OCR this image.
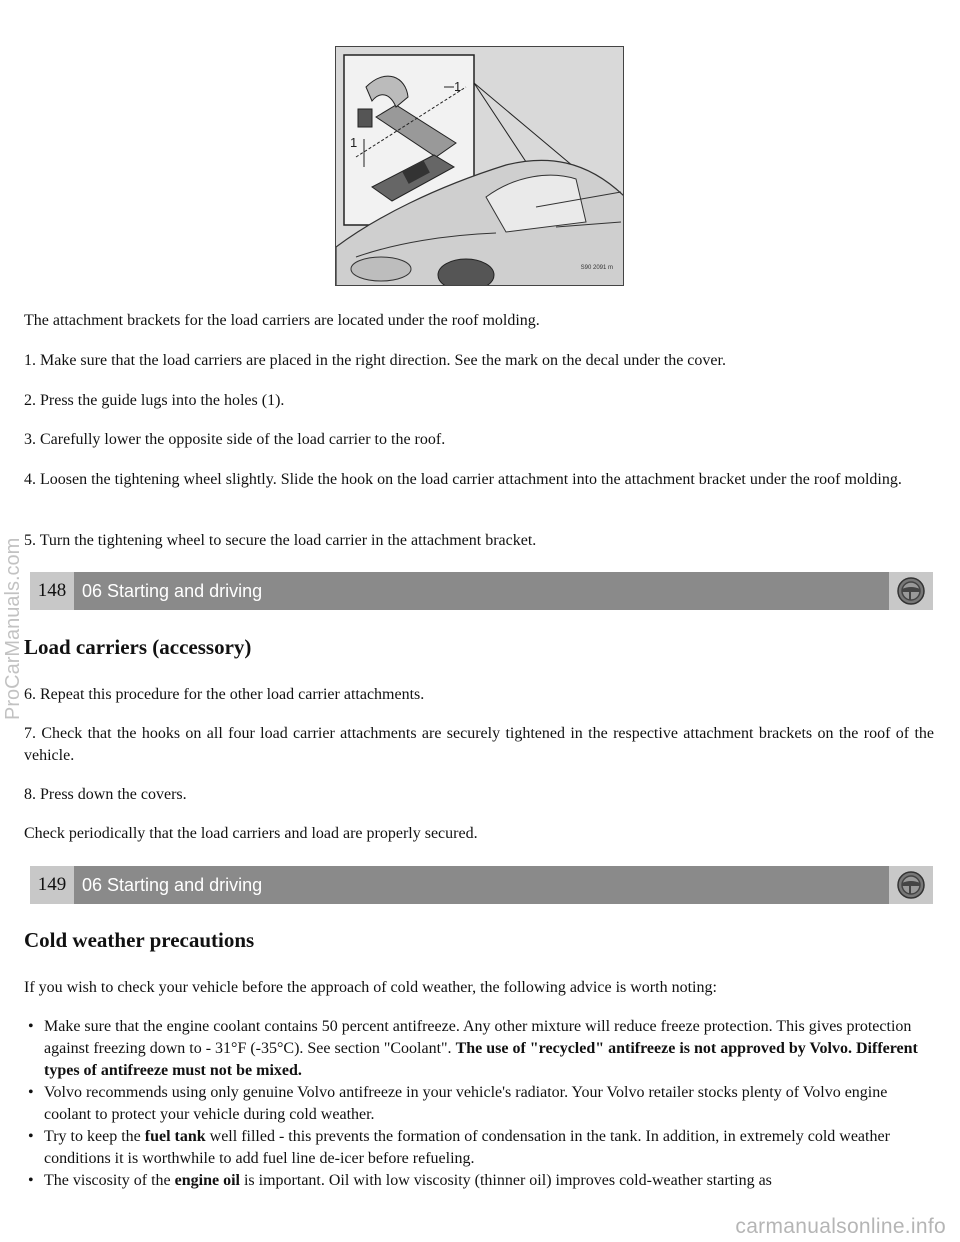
1
1
S90 2091 m

The attachment brackets for the load carriers are located under the roof molding.

1. Make sure that the load carriers are placed in the right direction. See the mark on the decal under the cover.

2. Press the guide lugs into the holes (1).

3. Carefully lower the opposite side of the load carrier to the roof.

4. Loosen the tightening wheel slightly. Slide the hook on the load carrier attachment into the attachment bracket under the roof molding.

5. Turn the tightening wheel to secure the load carrier in the attachment bracket.

Load carriers (accessory)

6. Repeat this procedure for the other load carrier attachments.

7. Check that the hooks on all four load carrier attachments are securely tightened in the respective attachment brackets on the roof of the vehicle.

8. Press down the covers.

Check periodically that the load carriers and load are properly secured.

Cold weather precautions

If you wish to check your vehicle before the approach of cold weather, the following advice is worth noting:

• Make sure that the engine coolant contains 50 percent antifreeze. Any other mixture will reduce freeze protection. This gives protection against freezing down to - 31°F (-35°C). See section "Coolant". The use of "recycled" antifreeze is not approved by Volvo. Different types of antifreeze must not be mixed.
• Volvo recommends using only genuine Volvo antifreeze in your vehicle's radiator. Your Volvo retailer stocks plenty of Volvo engine coolant to protect your vehicle during cold weather.
• Try to keep the fuel tank well filled - this prevents the formation of condensation in the tank. In addition, in extremely cold weather conditions it is worthwhile to add fuel line de-icer before refueling.
• The viscosity of the engine oil is important. Oil with low viscosity (thinner oil) improves cold-weather starting as
148 06 Starting and driving
149 06 Starting and driving
ProCarManuals.com
carmanualsonline.info
